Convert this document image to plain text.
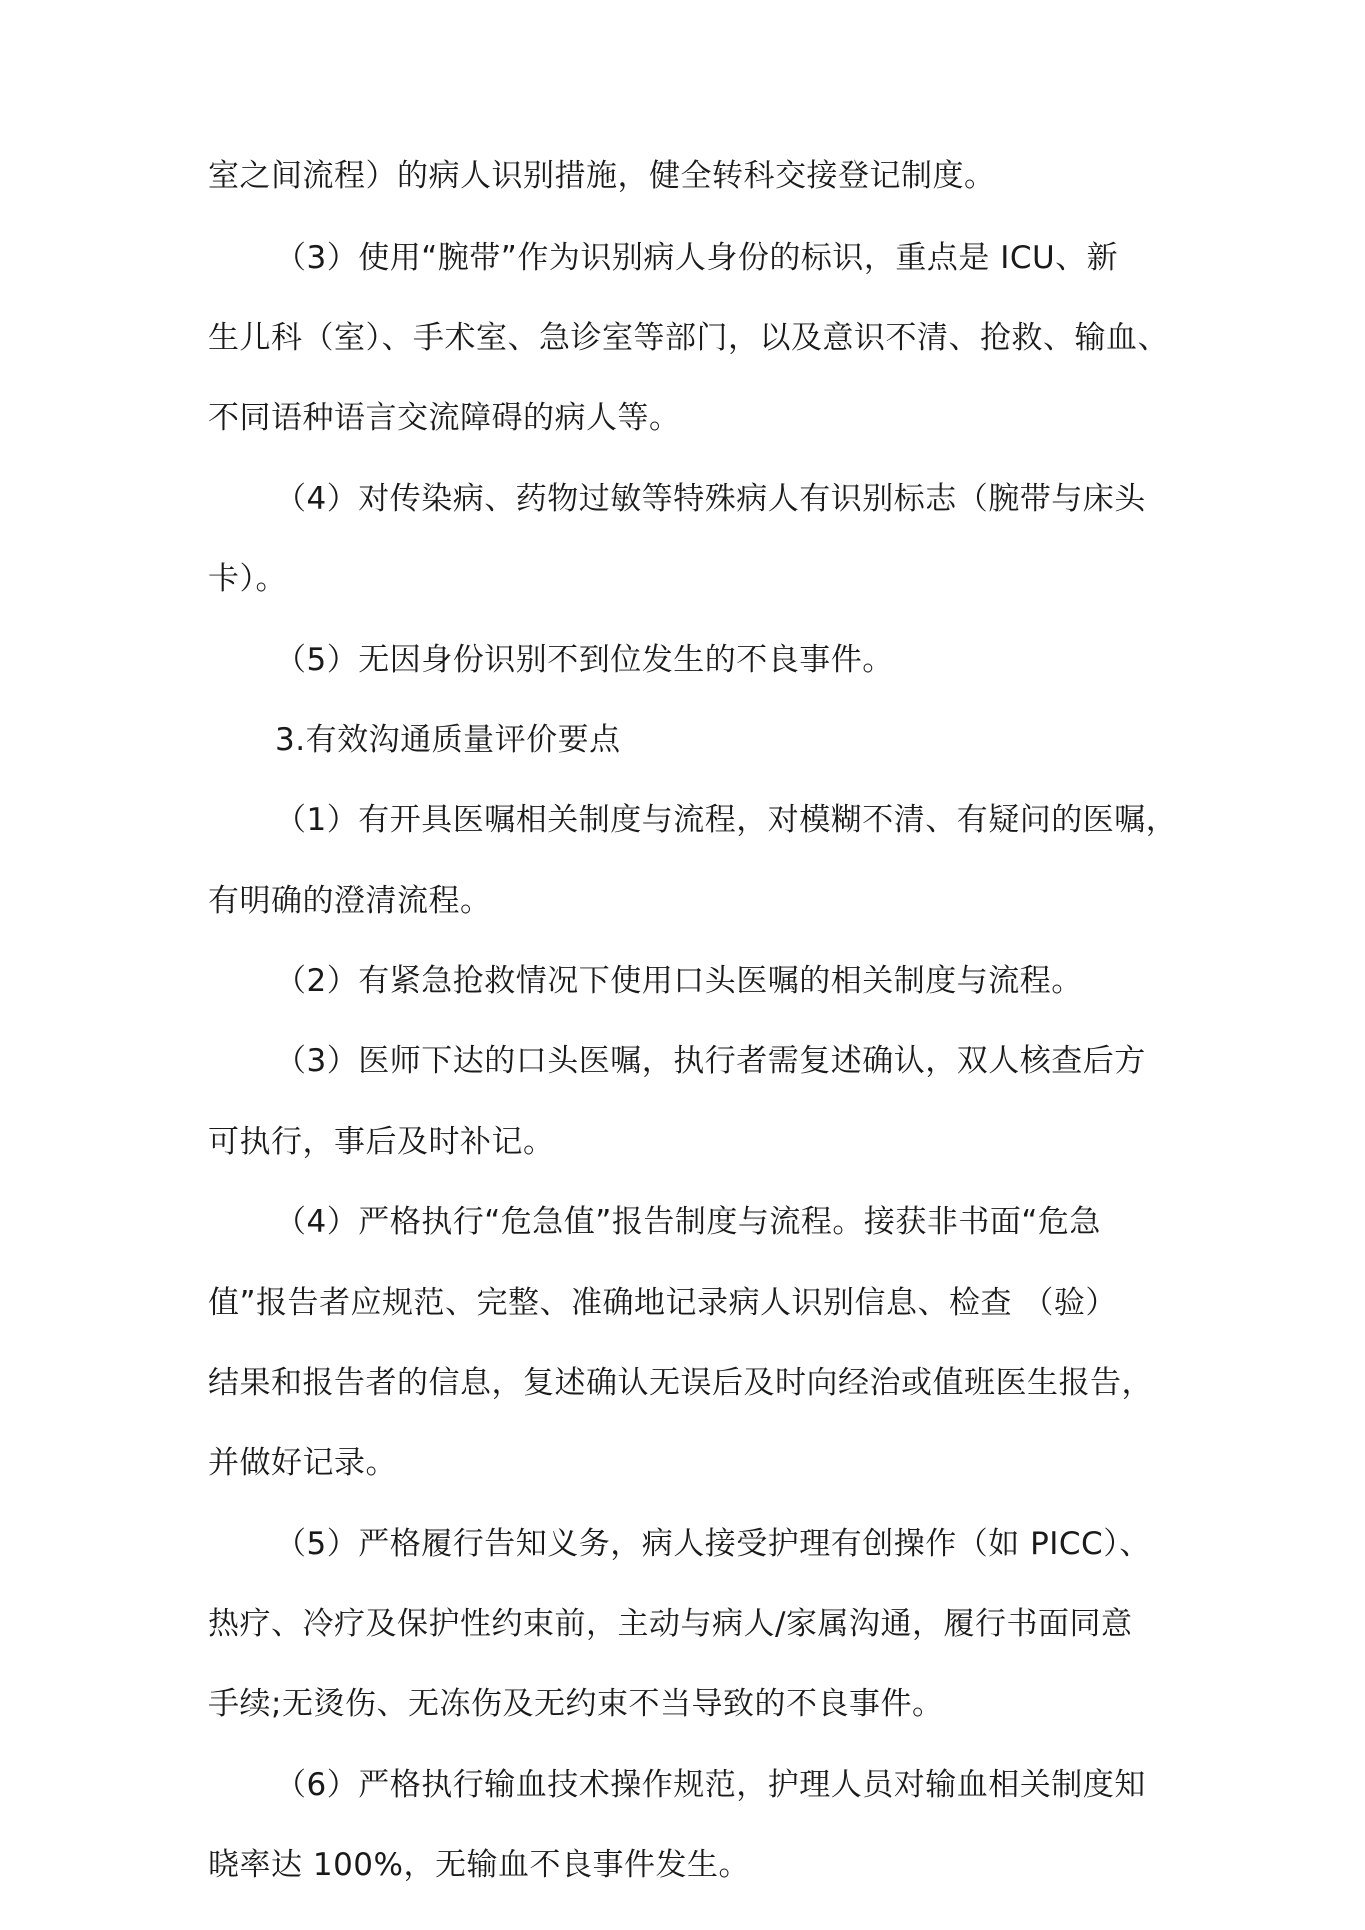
室之间流程）的病人识别措施，健全转科交接登记制度。
（3）使用“腕带”作为识别病人身份的标识，重点是 ICU、新
生儿科（室）、手术室、急诊室等部门，以及意识不清、抢救、输血、
不同语种语言交流障碍的病人等。
（4）对传染病、药物过敏等特殊病人有识别标志（腕带与床头
卡）。
（5）无因身份识别不到位发生的不良事件。
3.有效沟通质量评价要点
（1）有开具医嘱相关制度与流程，对模糊不清、有疑问的医嘱，
有明确的澄清流程。
（2）有紧急抢救情况下使用口头医嘱的相关制度与流程。
（3）医师下达的口头医嘱，执行者需复述确认，双人核查后方
可执行，事后及时补记。
（4）严格执行“危急值”报告制度与流程。接获非书面“危急
值”报告者应规范、完整、准确地记录病人识别信息、检查 （验）
结果和报告者的信息，复述确认无误后及时向经治或值班医生报告，
并做好记录。
（5）严格履行告知义务，病人接受护理有创操作（如 PICC）、
热疗、冷疗及保护性约束前，主动与病人/家属沟通，履行书面同意
手续;无烫伤、无冻伤及无约束不当导致的不良事件。
（6）严格执行输血技术操作规范，护理人员对输血相关制度知
晓率达 100%，无输血不良事件发生。
